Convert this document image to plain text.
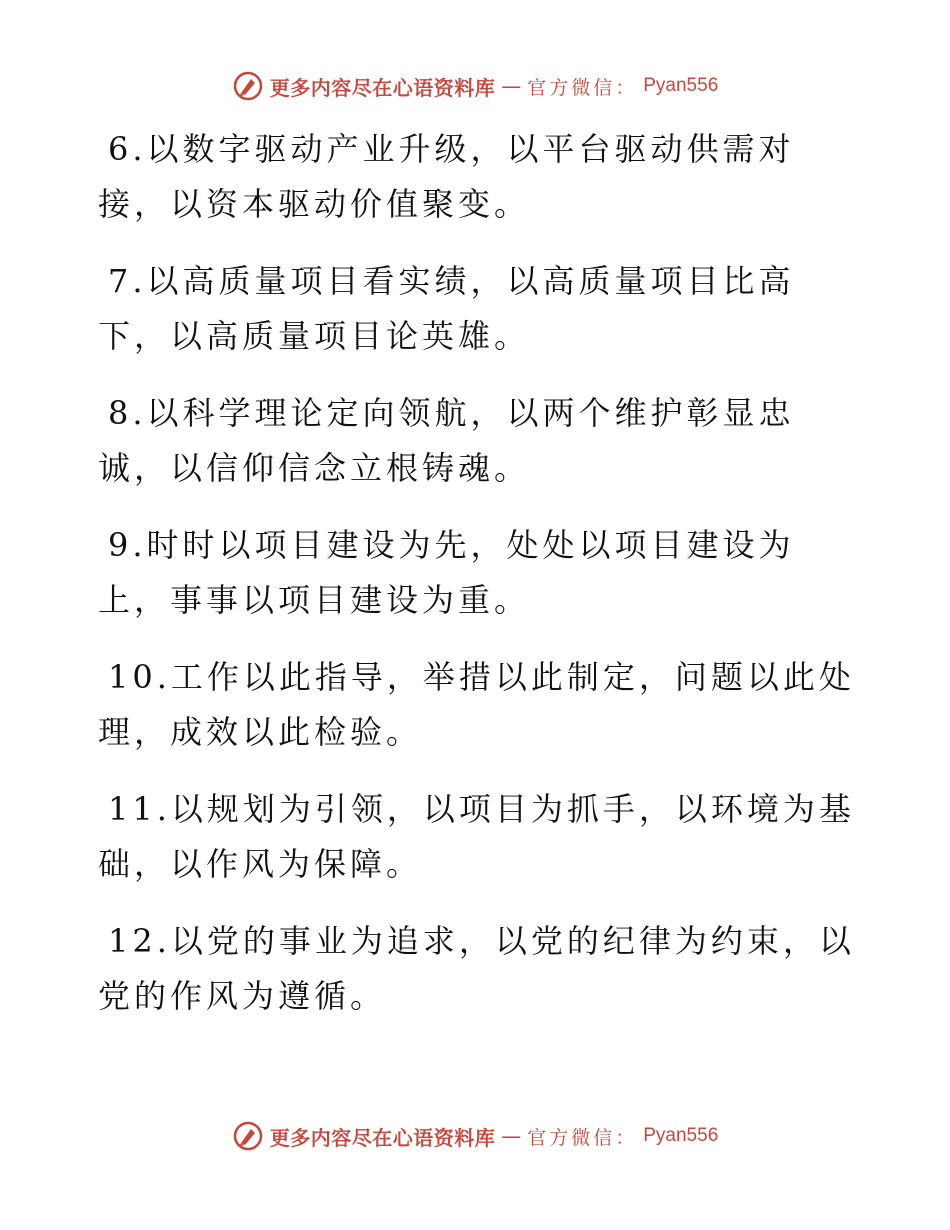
更多内容尽在心语资料库 — 官方微信： Pyan556

6.以数字驱动产业升级，以平台驱动供需对接，以资本驱动价值聚变。

7.以高质量项目看实绩，以高质量项目比高下，以高质量项目论英雄。

8.以科学理论定向领航，以两个维护彰显忠诚，以信仰信念立根铸魂。

9.时时以项目建设为先，处处以项目建设为上，事事以项目建设为重。

10.工作以此指导，举措以此制定，问题以此处理，成效以此检验。

11.以规划为引领，以项目为抓手，以环境为基础，以作风为保障。

12.以党的事业为追求，以党的纪律为约束，以党的作风为遵循。

更多内容尽在心语资料库 — 官方微信： Pyan556
